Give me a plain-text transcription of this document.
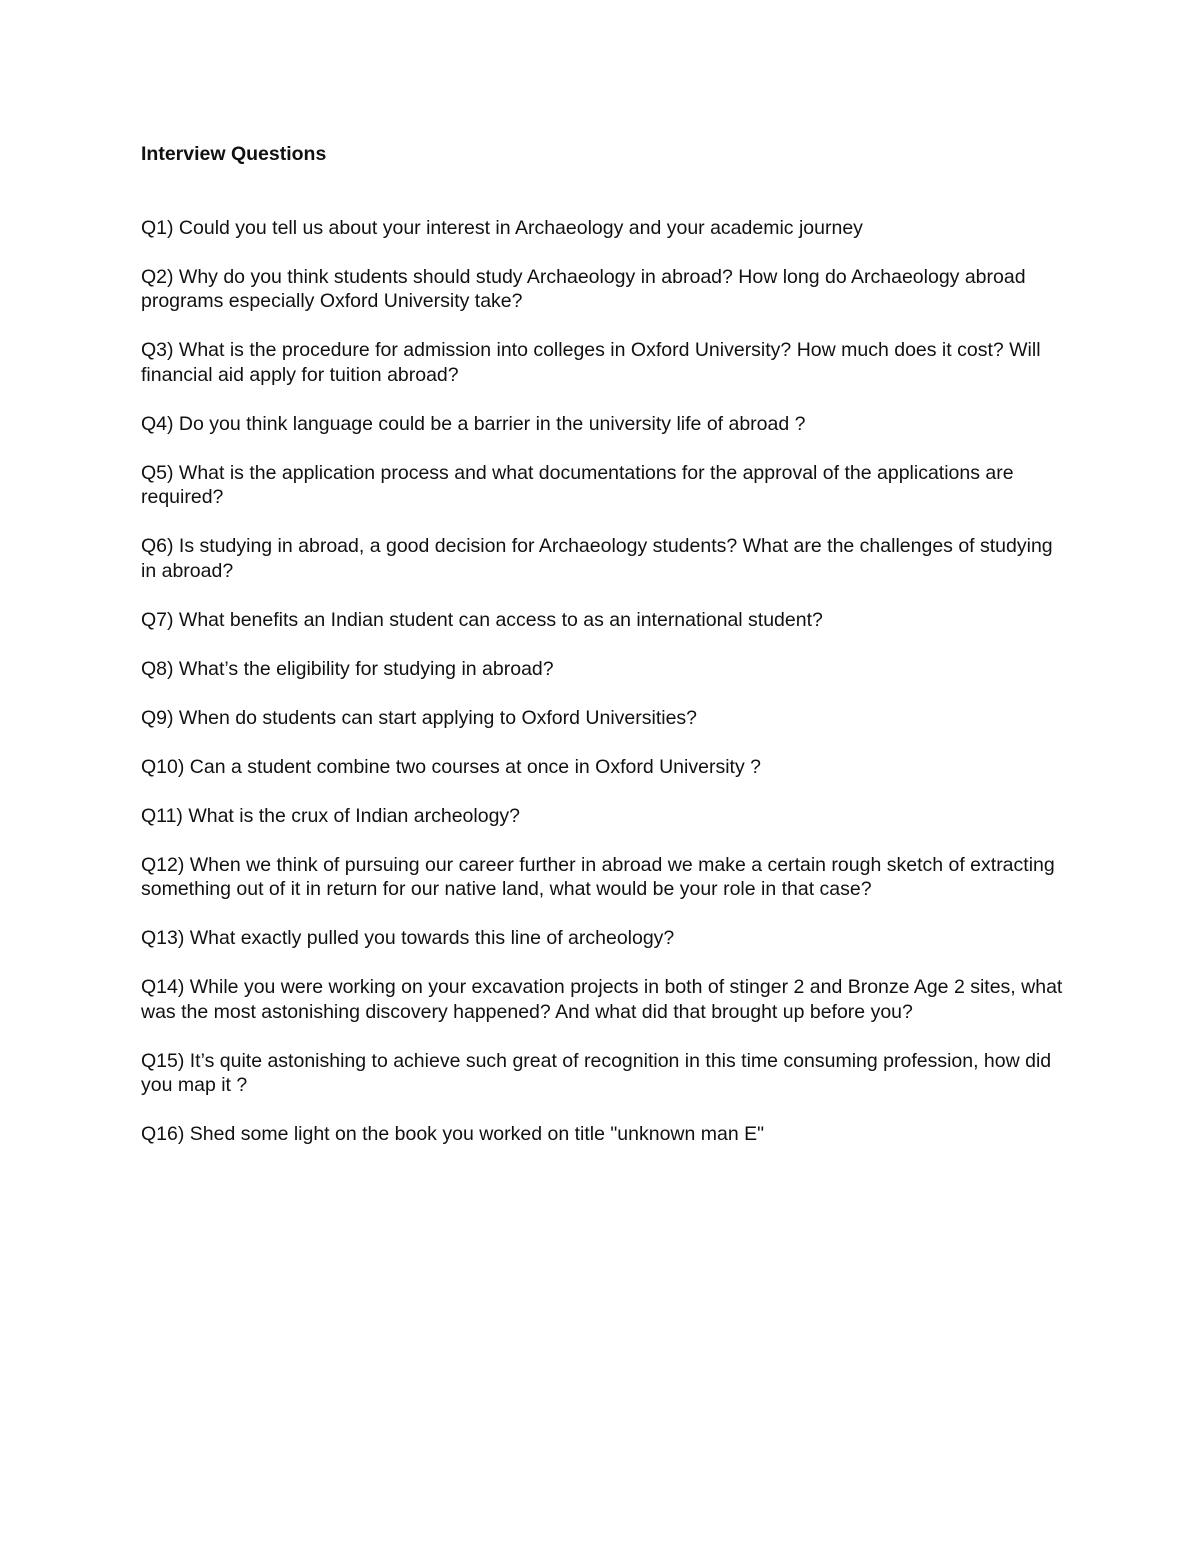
Interview Questions
Q1) Could you tell us about your interest in Archaeology and your academic journey
Q2) Why do you think students should study Archaeology in abroad? How long do Archaeology abroad programs especially Oxford University take?
Q3) What is the procedure for admission into colleges in Oxford University? How much does it cost? Will financial aid apply for tuition abroad?
Q4) Do you think language could be a barrier in the university life of abroad ?
Q5) What is the application process and what documentations for the approval of the applications are required?
Q6) Is studying in abroad, a good decision for Archaeology students? What are the challenges of studying in abroad?
Q7) What benefits an Indian student can access to as an international student?
Q8) What’s the eligibility for studying in abroad?
Q9) When do students can start applying to Oxford Universities?
Q10) Can a student combine two courses at once in Oxford University ?
Q11) What is the crux of Indian archeology?
Q12) When we think of pursuing our career further in abroad we make a certain rough sketch of extracting something out of it in return for our native land, what would be your role in that case?
Q13) What exactly pulled you towards this line of archeology?
Q14) While you were working on your excavation projects in both of stinger 2 and Bronze Age 2 sites, what was the most astonishing discovery happened? And what did that brought up before you?
Q15) It’s quite astonishing to achieve such great of recognition in this time consuming profession, how did you map it ?
Q16) Shed some light on the book you worked on title "unknown man E"
